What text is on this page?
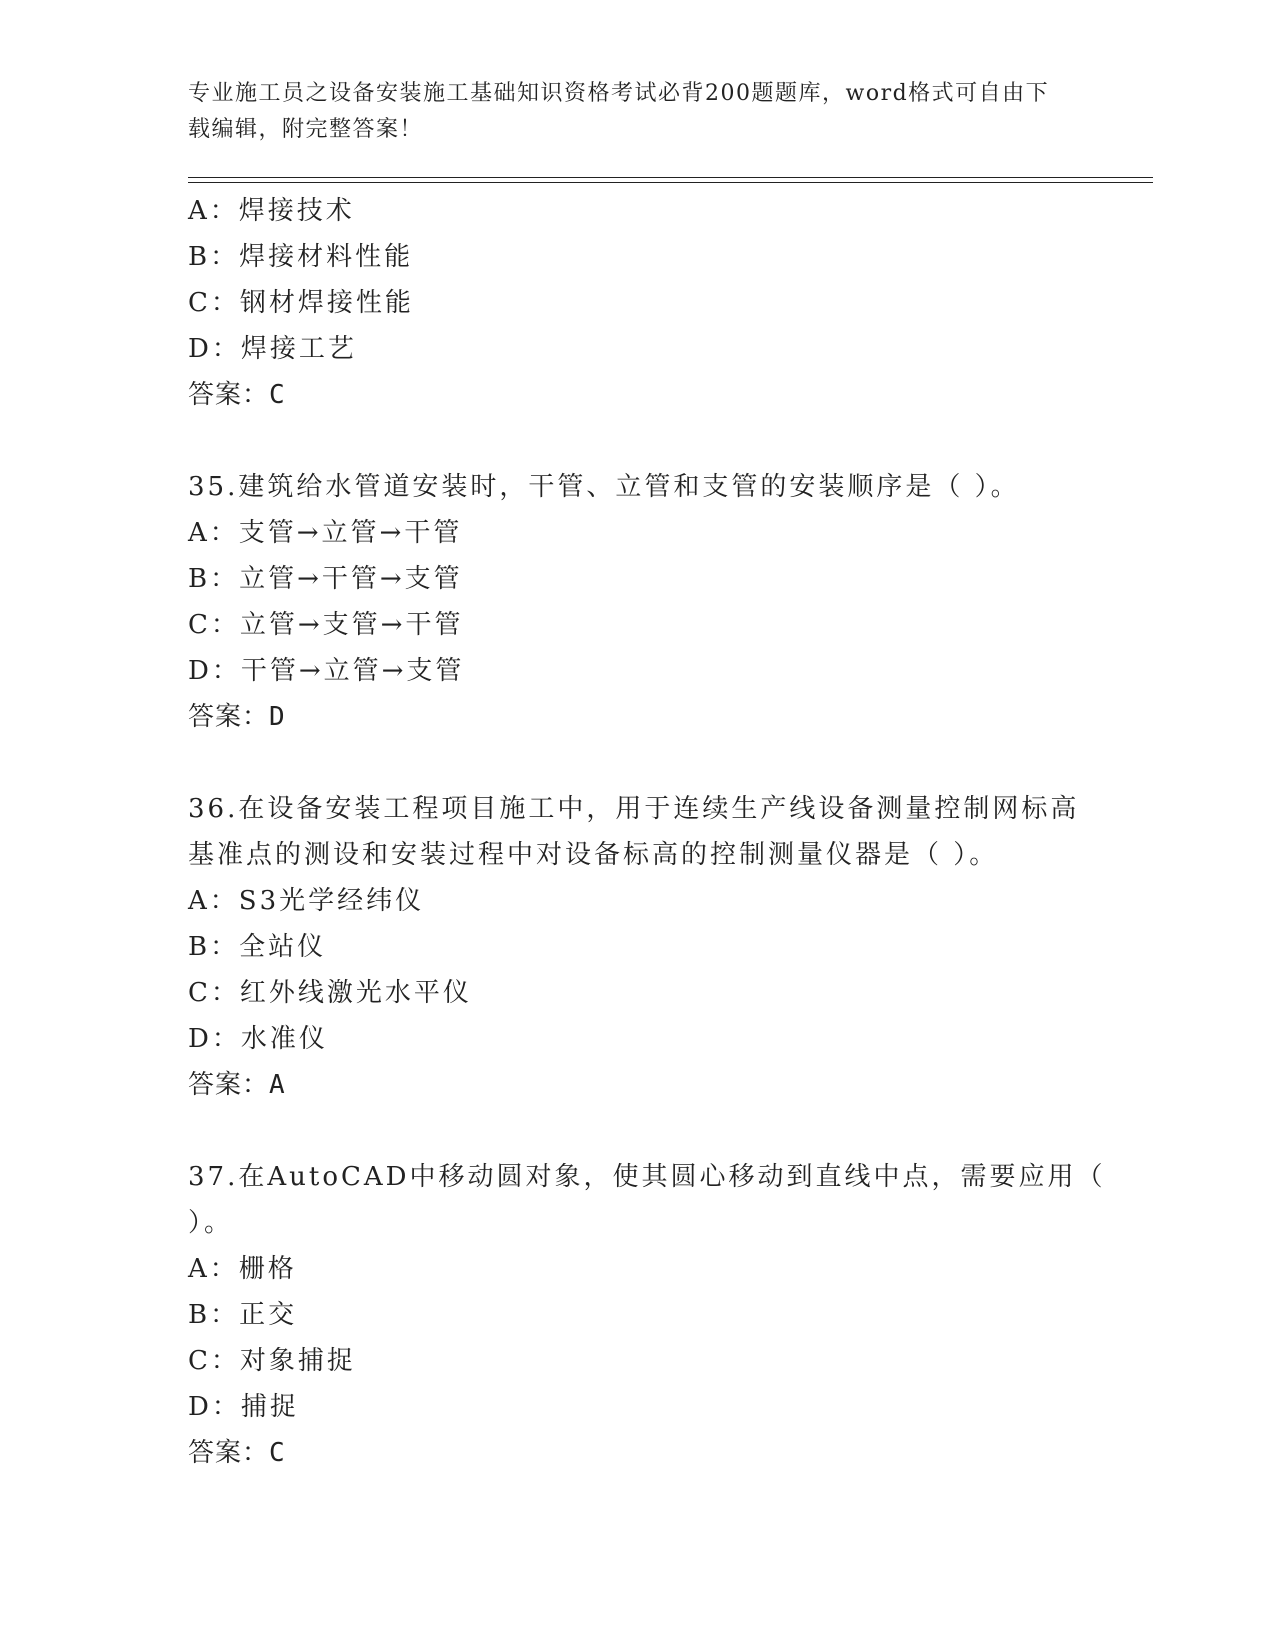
专业施工员之设备安装施工基础知识资格考试必背200题题库，word格式可自由下载编辑，附完整答案！
A：焊接技术
B：焊接材料性能
C：钢材焊接性能
D：焊接工艺
答案：C
35.建筑给水管道安装时，干管、立管和支管的安装顺序是（ ）。
A：支管→立管→干管
B：立管→干管→支管
C：立管→支管→干管
D：干管→立管→支管
答案：D
36.在设备安装工程项目施工中，用于连续生产线设备测量控制网标高基准点的测设和安装过程中对设备标高的控制测量仪器是（ ）。
A：S3光学经纬仪
B：全站仪
C：红外线激光水平仪
D：水准仪
答案：A
37.在AutoCAD中移动圆对象，使其圆心移动到直线中点，需要应用（ ）。
A：栅格
B：正交
C：对象捕捉
D：捕捉
答案：C
